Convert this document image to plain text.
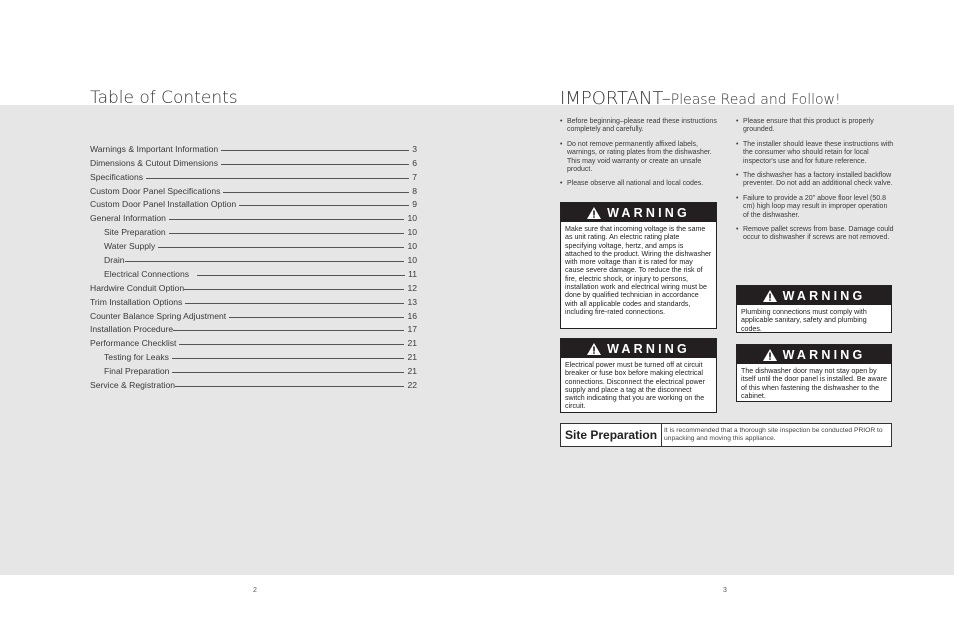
Table of Contents
Warnings & Important Information	3
Dimensions & Cutout Dimensions	6
Specifications	7
Custom Door Panel Specifications	8
Custom Door Panel Installation Option	9
General Information	10
Site Preparation	10
Water Supply	10
Drain	10
Electrical Connections	11
Hardwire Conduit Option	12
Trim Installation Options	13
Counter Balance Spring Adjustment	16
Installation Procedure	17
Performance Checklist	21
Testing for Leaks	21
Final Preparation	21
Service & Registration	22
2
IMPORTANT–Please Read and Follow!
• Before beginning–please read these instructions completely and carefully.
• Do not remove permanently affixed labels, warnings, or rating plates from the dishwasher. This may void warranty or create an unsafe product.
• Please observe all national and local codes.
WARNING
Make sure that incoming voltage is the same as unit rating. An electric rating plate specifying voltage, hertz, and amps is attached to the product. Wiring the dishwasher with more voltage than it is rated for may cause severe damage. To reduce the risk of fire, electric shock, or injury to persons, installation work and electrical wiring must be done by qualified technician in accordance with all applicable codes and standards, including fire-rated connections.
WARNING
Electrical power must be turned off at circuit breaker or fuse box before making electrical connections. Disconnect the electrical power supply and place a tag at the disconnect switch indicating that you are working on the circuit.
• Please ensure that this product is properly grounded.
• The installer should leave these instructions with the consumer who should retain for local inspector's use and for future reference.
• The dishwasher has a factory installed backflow preventer. Do not add an additional check valve.
• Failure to provide a 20" above floor level (50.8 cm) high loop may result in improper operation of the dishwasher.
• Remove pallet screws from base. Damage could occur to dishwasher if screws are not removed.
WARNING
Plumbing connections must comply with applicable sanitary, safety and plumbing codes.
WARNING
The dishwasher door may not stay open by itself until the door panel is installed. Be aware of this when fastening the dishwasher to the cabinet.
Site Preparation	It is recommended that a thorough site inspection be conducted PRIOR to unpacking and moving this appliance.
3
